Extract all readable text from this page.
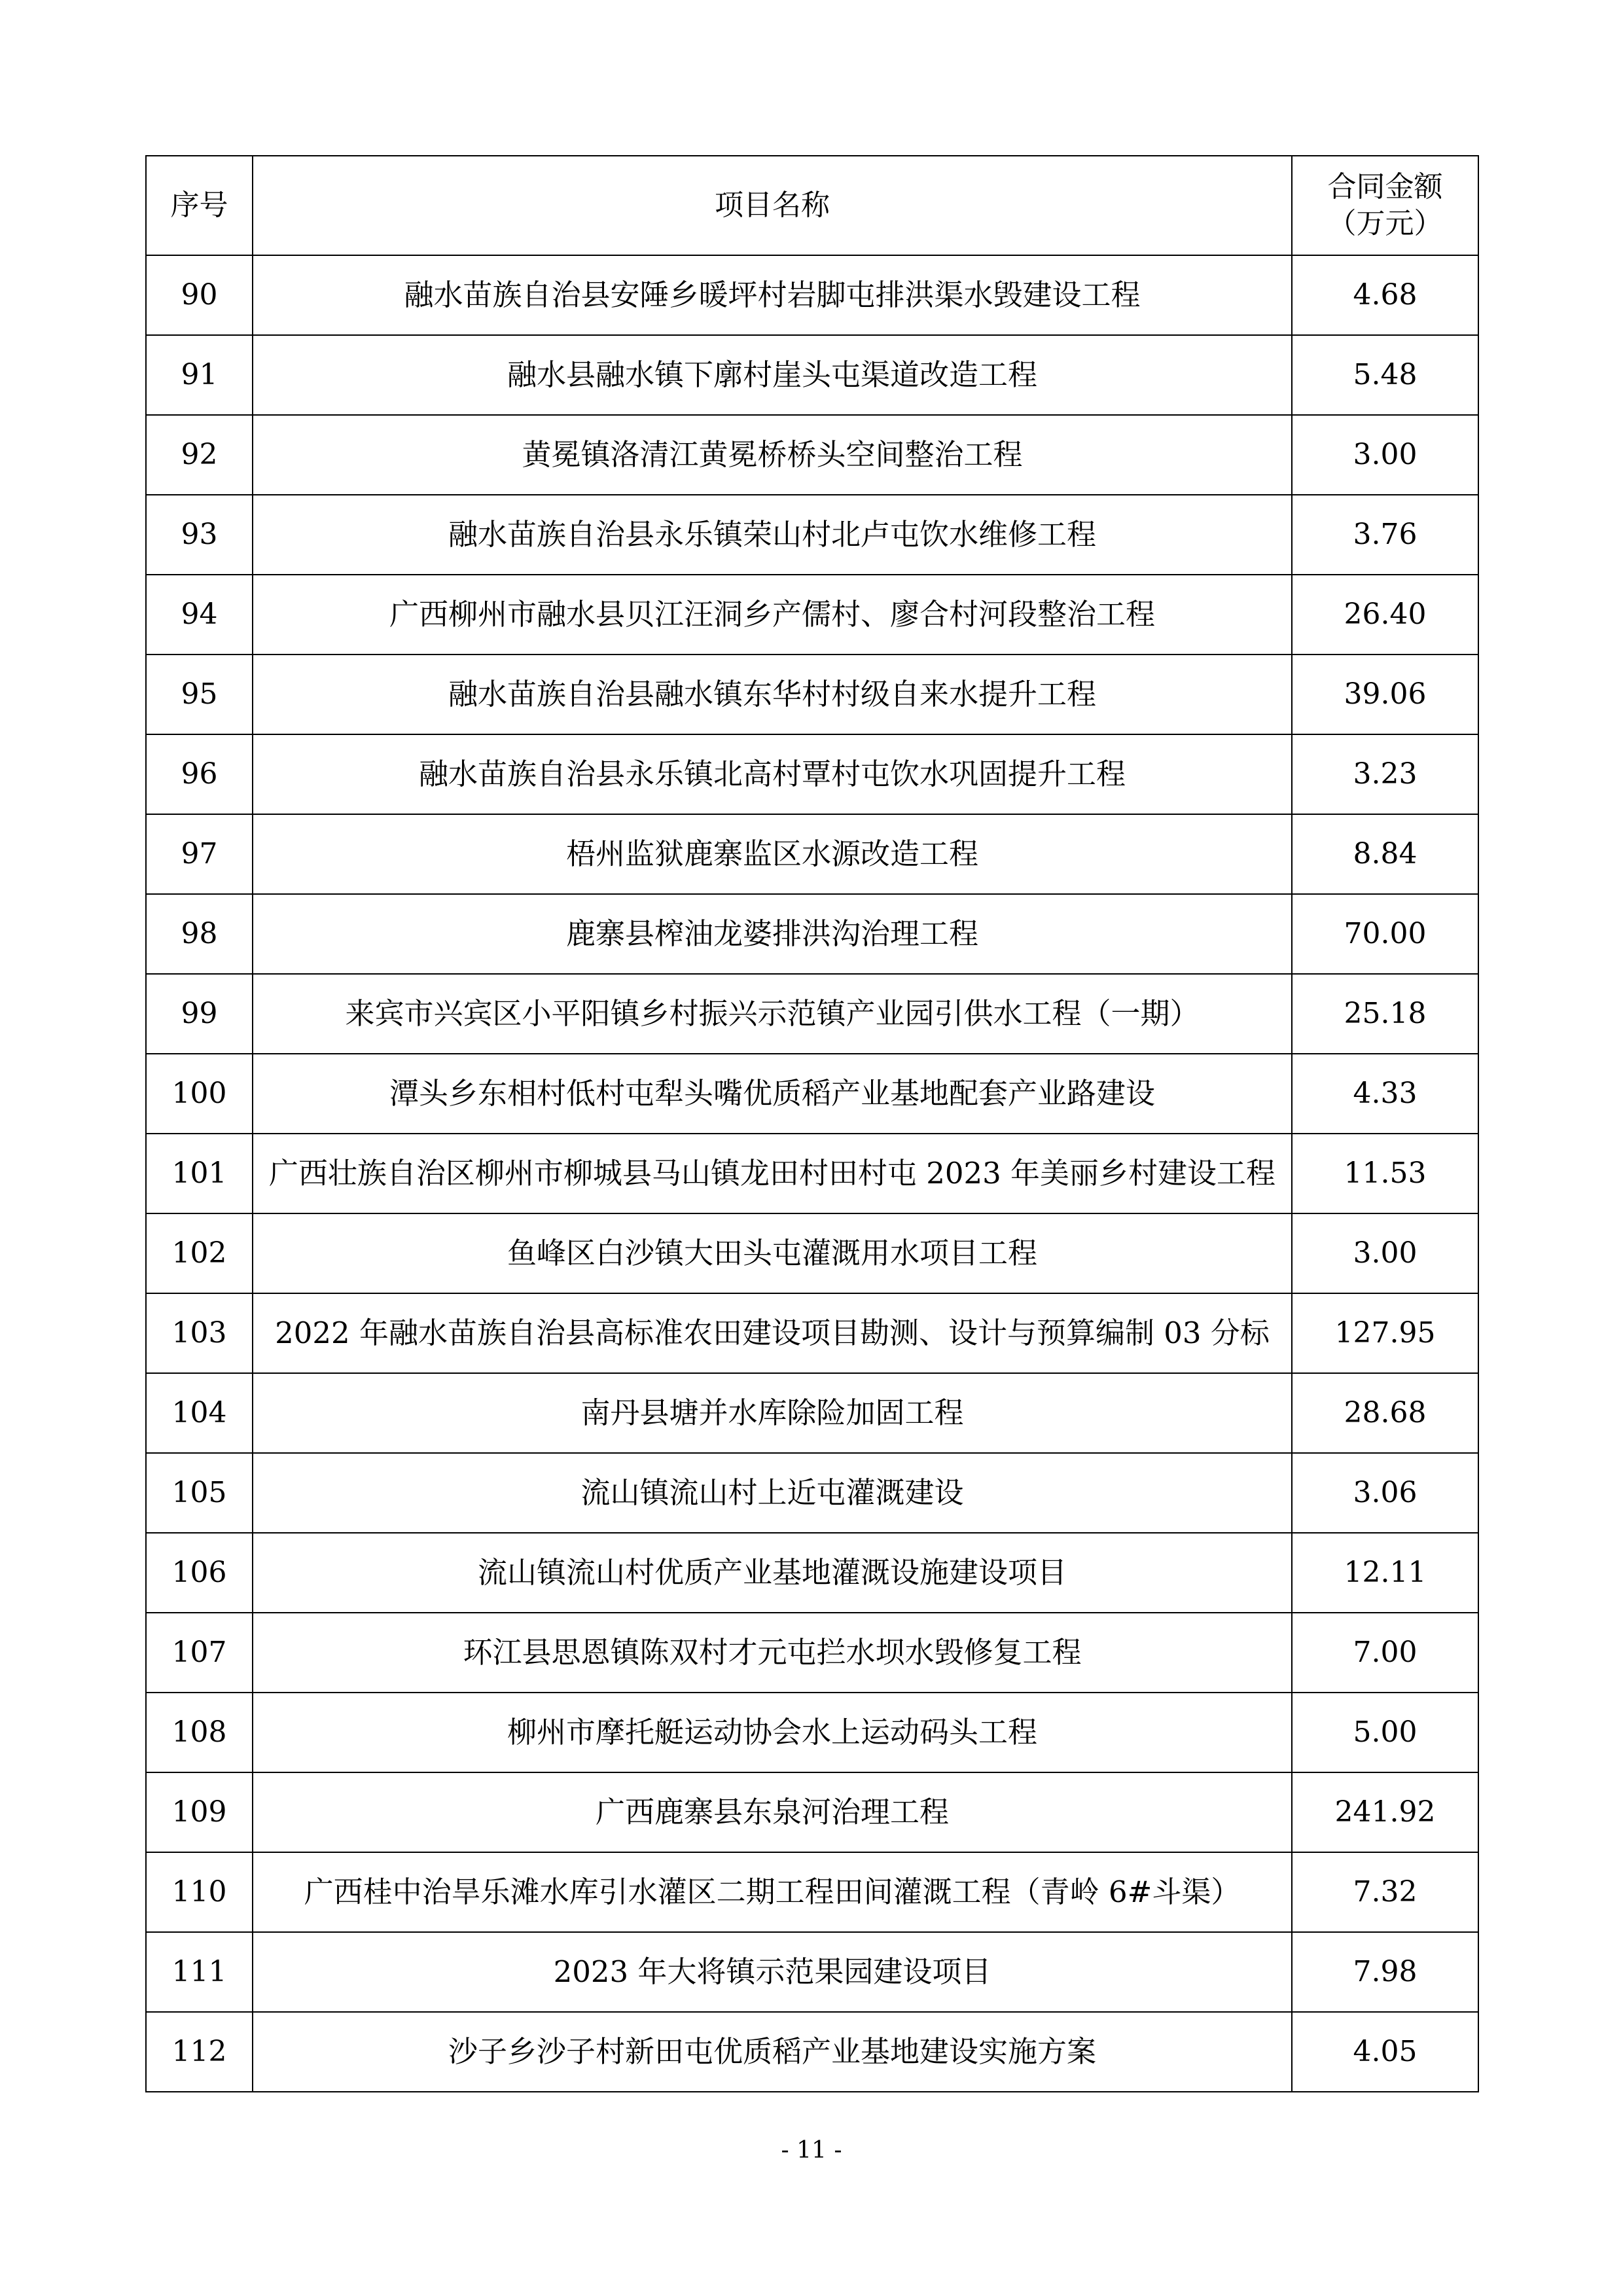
序号	项目名称	合同金额
（万元）
90	融水苗族自治县安陲乡暖坪村岩脚屯排洪渠水毁建设工程	4.68
91	融水县融水镇下廓村崖头屯渠道改造工程	5.48
92	黄冕镇洛清江黄冕桥桥头空间整治工程	3.00
93	融水苗族自治县永乐镇荣山村北卢屯饮水维修工程	3.76
94	广西柳州市融水县贝江汪洞乡产儒村、廖合村河段整治工程	26.40
95	融水苗族自治县融水镇东华村村级自来水提升工程	39.06
96	融水苗族自治县永乐镇北高村覃村屯饮水巩固提升工程	3.23
97	梧州监狱鹿寨监区水源改造工程	8.84
98	鹿寨县榨油龙婆排洪沟治理工程	70.00
99	来宾市兴宾区小平阳镇乡村振兴示范镇产业园引供水工程（一期）	25.18
100	潭头乡东相村低村屯犁头嘴优质稻产业基地配套产业路建设	4.33
101	广西壮族自治区柳州市柳城县马山镇龙田村田村屯 2023 年美丽乡村建设工程	11.53
102	鱼峰区白沙镇大田头屯灌溉用水项目工程	3.00
103	2022 年融水苗族自治县高标准农田建设项目勘测、设计与预算编制 03 分标	127.95
104	南丹县塘并水库除险加固工程	28.68
105	流山镇流山村上近屯灌溉建设	3.06
106	流山镇流山村优质产业基地灌溉设施建设项目	12.11
107	环江县思恩镇陈双村才元屯拦水坝水毁修复工程	7.00
108	柳州市摩托艇运动协会水上运动码头工程	5.00
109	广西鹿寨县东泉河治理工程	241.92
110	广西桂中治旱乐滩水库引水灌区二期工程田间灌溉工程（青岭 6#斗渠）	7.32
111	2023 年大将镇示范果园建设项目	7.98
112	沙子乡沙子村新田屯优质稻产业基地建设实施方案	4.05
- 11 -
